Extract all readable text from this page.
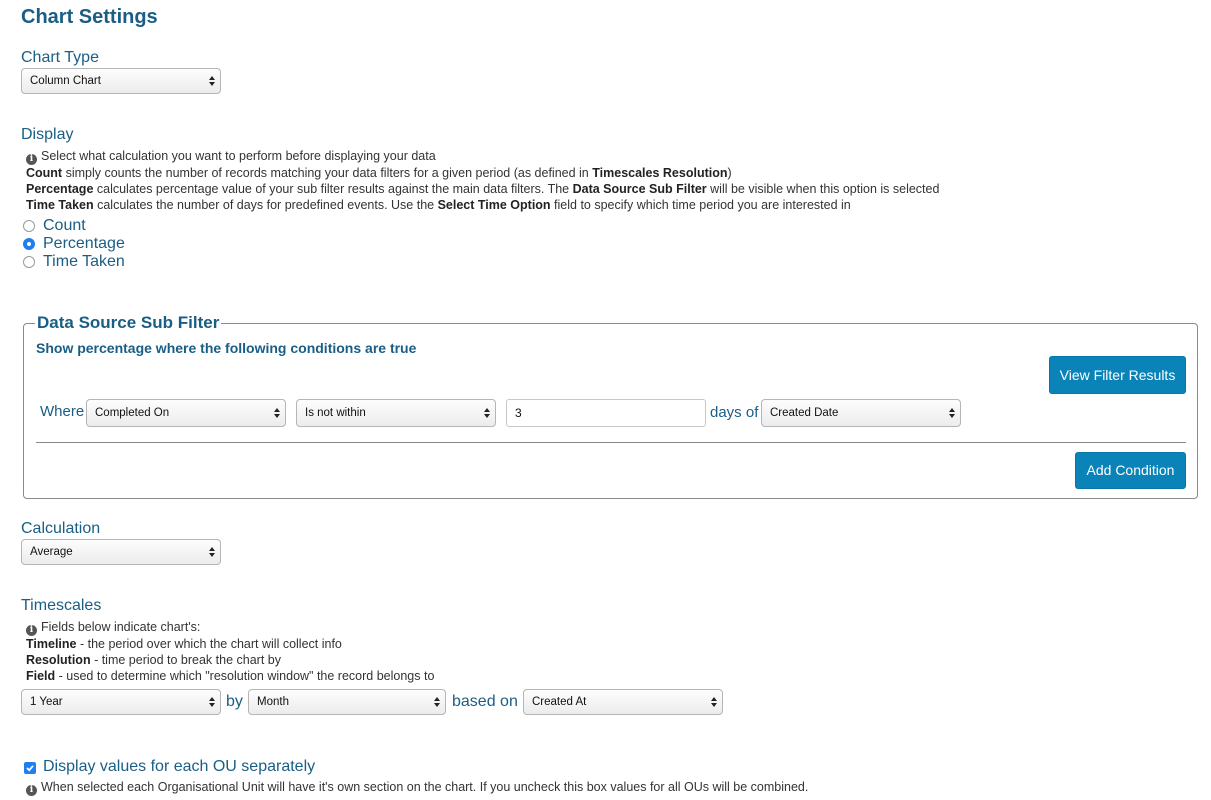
Chart Settings
Chart Type
Column Chart
Display
i Select what calculation you want to perform before displaying your data
Count simply counts the number of records matching your data filters for a given period (as defined in Timescales Resolution)
Percentage calculates percentage value of your sub filter results against the main data filters. The Data Source Sub Filter will be visible when this option is selected
Time Taken calculates the number of days for predefined events. Use the Select Time Option field to specify which time period you are interested in
Count
Percentage
Time Taken
Data Source Sub Filter
Show percentage where the following conditions are true
View Filter Results
Where Completed On	Is not within	3	days of	Created Date
Add Condition
Calculation
Average
Timescales
i Fields below indicate chart's:
Timeline - the period over which the chart will collect info
Resolution - time period to break the chart by
Field - used to determine which "resolution window" the record belongs to
1 Year	by	Month	based on	Created At
Display values for each OU separately
i When selected each Organisational Unit will have it's own section on the chart. If you uncheck this box values for all OUs will be combined.
